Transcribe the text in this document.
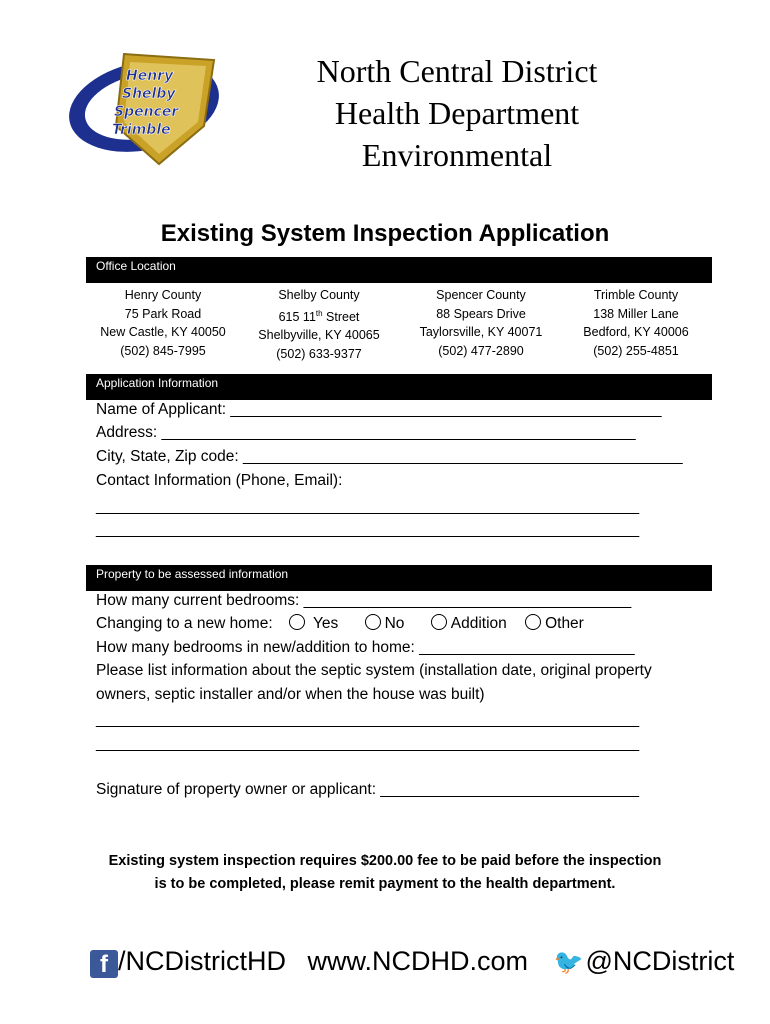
Henry
Shelby
Spencer
Trimble
North Central District
Health Department
Environmental
Existing System Inspection Application
Office Location
Henry County
75 Park Road
New Castle, KY 40050
(502) 845-7995
Shelby County
615 11th Street
Shelbyville, KY 40065
(502) 633-9377
Spencer County
88 Spears Drive
Taylorsville, KY 40071
(502) 477-2890
Trimble County
138 Miller Lane
Bedford, KY 40006
(502) 255-4851
Application Information
Name of Applicant: __________________________________________________
Address: _______________________________________________________
City, State, Zip code: ___________________________________________________
Contact Information (Phone, Email):
_______________________________________________________________
_______________________________________________________________
Property to be assessed information
How many current bedrooms: ______________________________________
Changing to a new home:	Yes	No	Addition Other
How many bedrooms in new/addition to home: _________________________
Please list information about the septic system (installation date, original property
owners, septic installer and/or when the house was built)
_______________________________________________________________
_______________________________________________________________
Signature of property owner or applicant: ______________________________
Existing system inspection requires $200.00 fee to be paid before the inspection
is to be completed, please remit payment to the health department.
f /NCDistrictHD www.NCDHD.com 🐦@NCDistrict
